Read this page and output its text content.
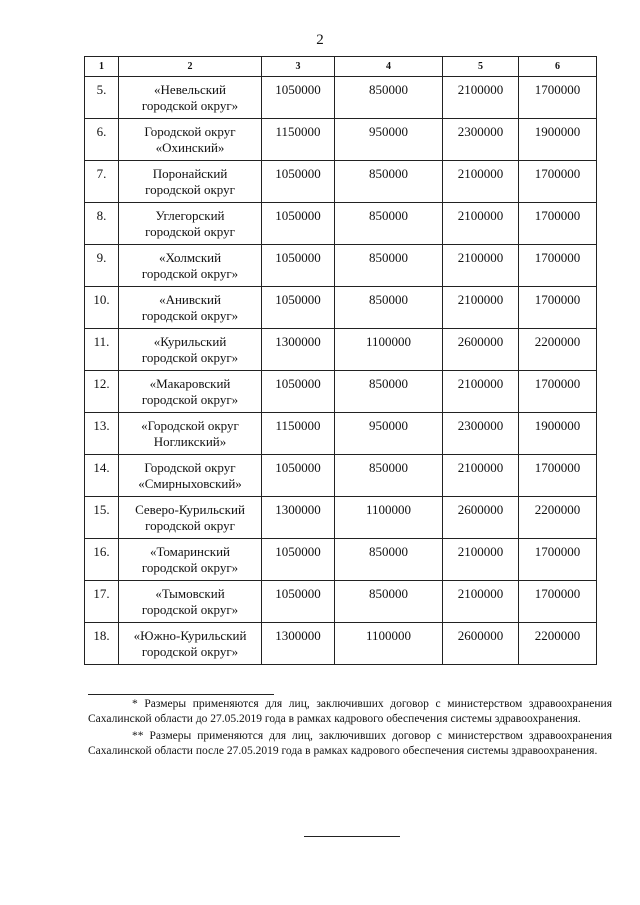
2
1	2	3	4	5	6
5.	«Невельский
городской округ»	1050000	850000	2100000	1700000
6.	Городской округ
«Охинский»	1150000	950000	2300000	1900000
7.	Поронайский
городской округ	1050000	850000	2100000	1700000
8.	Углегорский
городской округ	1050000	850000	2100000	1700000
9.	«Холмский
городской округ»	1050000	850000	2100000	1700000
10.	«Анивский
городской округ»	1050000	850000	2100000	1700000
11.	«Курильский
городской округ»	1300000	1100000	2600000	2200000
12.	«Макаровский
городской округ»	1050000	850000	2100000	1700000
13.	«Городской округ
Ногликский»	1150000	950000	2300000	1900000
14.	Городской округ
«Смирныховский»	1050000	850000	2100000	1700000
15.	Северо-Курильский
городской округ	1300000	1100000	2600000	2200000
16.	«Томаринский
городской округ»	1050000	850000	2100000	1700000
17.	«Тымовский
городской округ»	1050000	850000	2100000	1700000
18.	«Южно-Курильский
городской округ»	1300000	1100000	2600000	2200000

* Размеры применяются для лиц, заключивших договор с министерством здравоохранения Сахалинской области до 27.05.2019 года в рамках кадрового обеспечения системы здравоохранения.

** Размеры применяются для лиц, заключивших договор с министерством здравоохранения Сахалинской области после 27.05.2019 года в рамках кадрового обеспечения системы здравоохранения.
